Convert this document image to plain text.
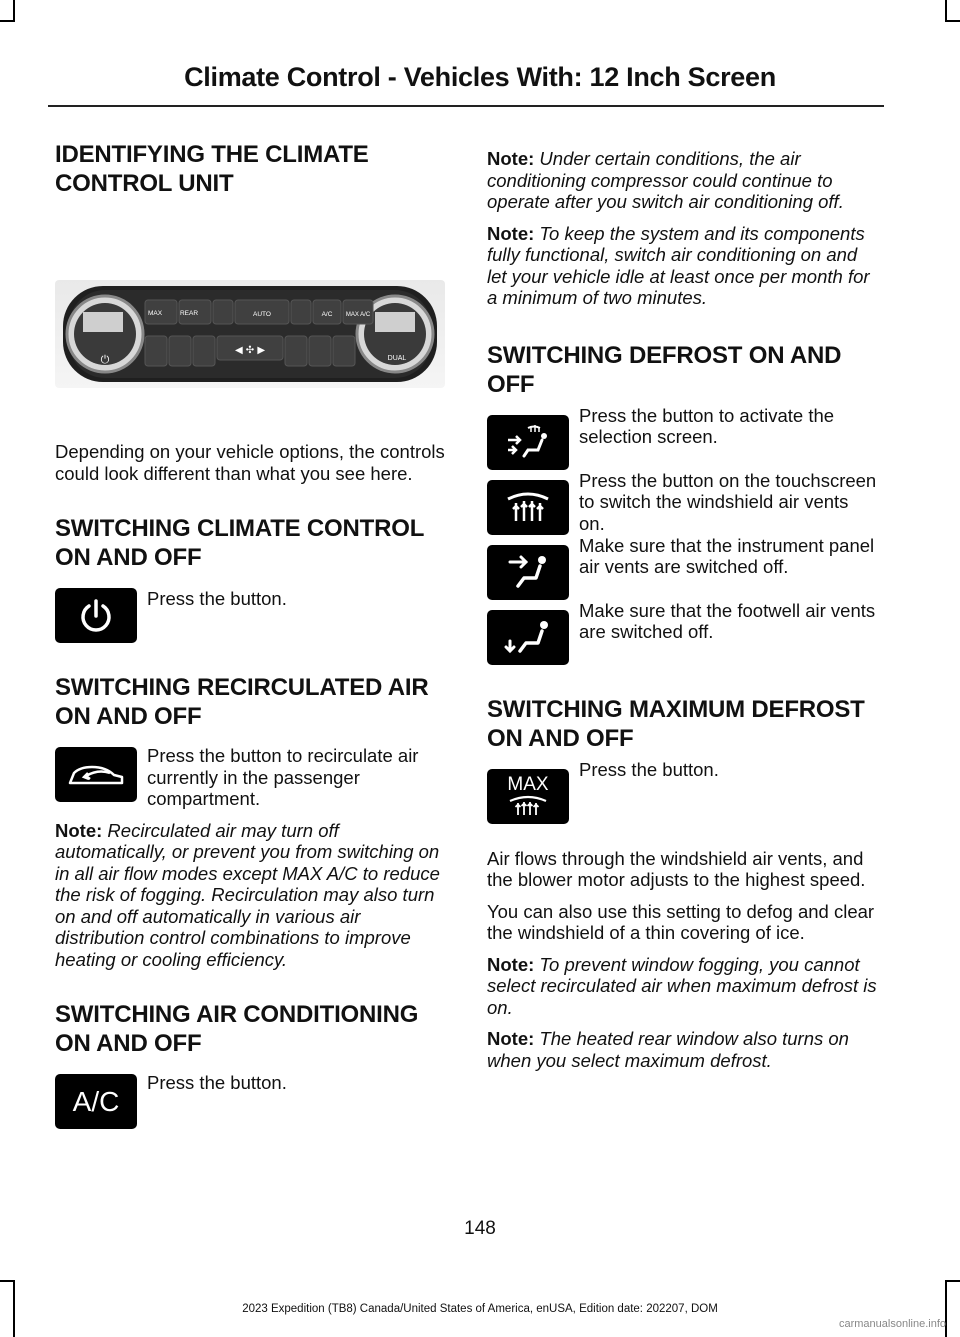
Climate Control - Vehicles With: 12 Inch Screen
IDENTIFYING THE CLIMATE CONTROL UNIT
⏻	DUAL
MAX	REAR	AUTO	A/C MAX A/C
◀ ✣ ▶

Depending on your vehicle options, the controls could look different than what you see here.

SWITCHING CLIMATE CONTROL ON AND OFF

Press the button.

SWITCHING RECIRCULATED AIR ON AND OFF

Press the button to recirculate air currently in the passenger compartment.

Note: Recirculated air may turn off automatically, or prevent you from switching on in all air flow modes except MAX A/C to reduce the risk of fogging. Recirculation may also turn on and off automatically in various air distribution control combinations to improve heating or cooling efficiency.

SWITCHING AIR CONDITIONING ON AND OFF
A/C

Press the button.

Note: Under certain conditions, the air conditioning compressor could continue to operate after you switch air conditioning off.

Note: To keep the system and its components fully functional, switch air conditioning on and let your vehicle idle at least once per month for a minimum of two minutes.

SWITCHING DEFROST ON AND OFF

Press the button to activate the selection screen.

Press the button on the touchscreen to switch the windshield air vents on.

Make sure that the instrument panel air vents are switched off.

Make sure that the footwell air vents are switched off.

SWITCHING MAXIMUM DEFROST ON AND OFF
MAX

Press the button.

Air flows through the windshield air vents, and the blower motor adjusts to the highest speed.

You can also use this setting to defog and clear the windshield of a thin covering of ice.

Note: To prevent window fogging, you cannot select recirculated air when maximum defrost is on.

Note: The heated rear window also turns on when you select maximum defrost.

148
2023 Expedition (TB8) Canada/United States of America, enUSA, Edition date: 202207, DOM
carmanualsonline.info
